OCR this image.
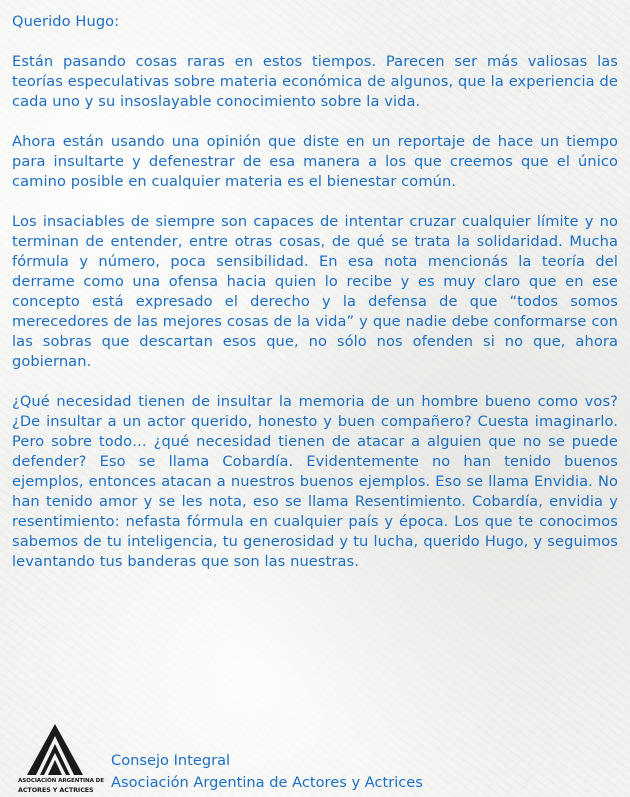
Querido Hugo:

Están pasando cosas raras en estos tiempos. Parecen ser más valiosas las teorías especulativas sobre materia económica de algunos, que la experiencia de cada uno y su insoslayable conocimiento sobre la vida.

Ahora están usando una opinión que diste en un reportaje de hace un tiempo para insultarte y defenestrar de esa manera a los que creemos que el único camino posible en cualquier materia es el bienestar común.

Los insaciables de siempre son capaces de intentar cruzar cualquier límite y no terminan de entender, entre otras cosas, de qué se trata la solidaridad. Mucha fórmula y número, poca sensibilidad. En esa nota mencionás la teoría del derrame como una ofensa hacia quien lo recibe y es muy claro que en ese concepto está expresado el derecho y la defensa de que “todos somos merecedores de las mejores cosas de la vida” y que nadie debe conformarse con las sobras que descartan esos que, no sólo nos ofenden si no que, ahora gobiernan.

¿Qué necesidad tienen de insultar la memoria de un hombre bueno como vos? ¿De insultar a un actor querido, honesto y buen compañero? Cuesta imaginarlo. Pero sobre todo… ¿qué necesidad tienen de atacar a alguien que no se puede defender? Eso se llama Cobardía. Evidentemente no han tenido buenos ejemplos, entonces atacan a nuestros buenos ejemplos. Eso se llama Envidia. No han tenido amor y se les nota, eso se llama Resentimiento. Cobardía, envidia y resentimiento: nefasta fórmula en cualquier país y época. Los que te conocimos sabemos de tu inteligencia, tu generosidad y tu lucha, querido Hugo, y seguimos levantando tus banderas que son las nuestras.

ASOCIACIÓN ARGENTINA DE
ACTORES Y ACTRICES
Consejo Integral
Asociación Argentina de Actores y Actrices
